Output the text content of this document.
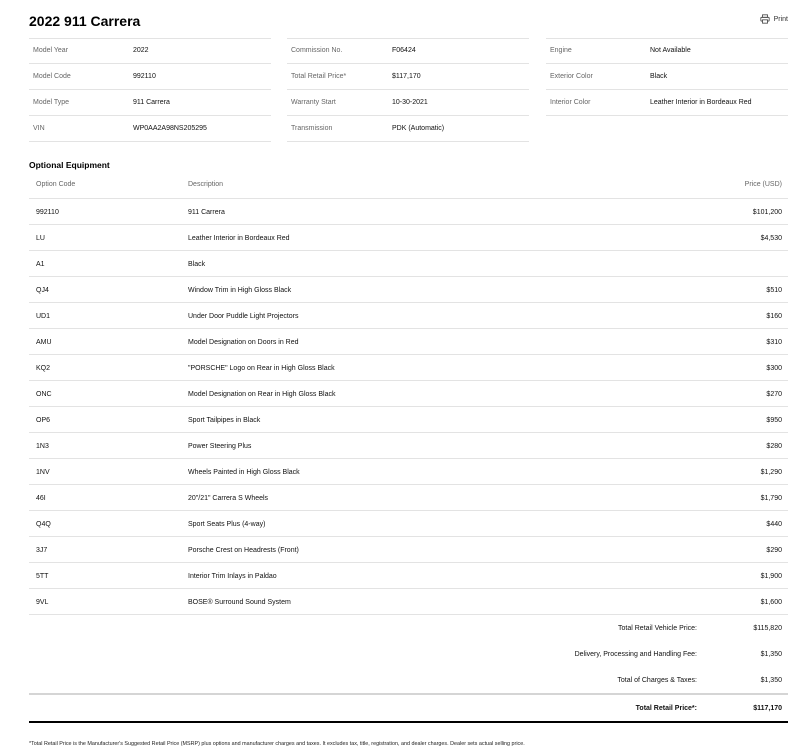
2022 911 Carrera	Print
Model Year	2022
Model Code	992110
Model Type	911 Carrera
VIN	WP0AA2A98NS205295
Commission No.	F06424
Total Retail Price*	$117,170
Warranty Start	10-30-2021
Transmission	PDK (Automatic)
Engine	Not Available
Exterior Color	Black
Interior Color	Leather Interior in Bordeaux Red
Optional Equipment
Option Code	Description	Price (USD)
992110	911 Carrera	$101,200
LU	Leather Interior in Bordeaux Red	$4,530
A1	Black
QJ4	Window Trim in High Gloss Black	$510
UD1	Under Door Puddle Light Projectors	$160
AMU	Model Designation on Doors in Red	$310
KQ2	"PORSCHE" Logo on Rear in High Gloss Black	$300
ONC	Model Designation on Rear in High Gloss Black	$270
OP6	Sport Tailpipes in Black	$950
1N3	Power Steering Plus	$280
1NV	Wheels Painted in High Gloss Black	$1,290
46I	20"/21" Carrera S Wheels	$1,790
Q4Q	Sport Seats Plus (4-way)	$440
3J7	Porsche Crest on Headrests (Front)	$290
5TT	Interior Trim Inlays in Paldao	$1,900
9VL	BOSE® Surround Sound System	$1,600
Total Retail Vehicle Price:	$115,820
Delivery, Processing and Handling Fee:	$1,350
Total of Charges & Taxes:	$1,350
Total Retail Price*:	$117,170
*Total Retail Price is the Manufacturer's Suggested Retail Price (MSRP) plus options and manufacturer charges and taxes. It excludes tax, title, registration, and dealer charges. Dealer sets actual selling price.
